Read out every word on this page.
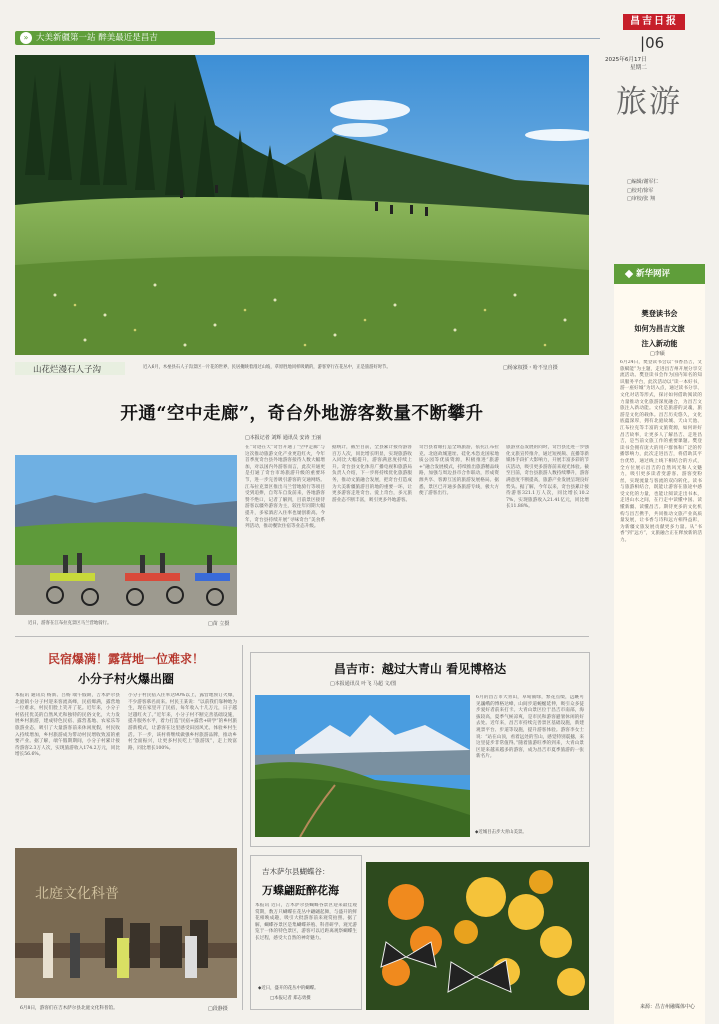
» 大美新疆第一站 醉美最近是昌吉
昌吉日报
|06
2025年6月17日
星期二
旅游
□编辑/谢军仁
□校对/徐军
□审校/张 翔
山花烂漫石人子沟	近入6月，木垒县石人子沟景区一片花的世界，民居掩映着漫过山坡，草原胜地同样吸睛的，游客穿行在花丛中，正是旅游好时节。	□杨家权摄・哈不皇自摄
开通“空中走廊”，奇台外地游客数量不断攀升
□本报记者 刘辉 通讯员 安涛 王丽
近日，游客在江布拉克景区马兰营地骑行。	□苗 立摄
在“奇迹在天”奇台开通了“空中走廊”与这次推动旅游文化产业更趋红火，今年首季度奇台县外地游客接待人数大幅增加，对以国内外游客而言，此次开通更是打通了奇台市场旅游升级的重要环节，进一步完善吸引游客的交通网络。江布拉克景区推出马兰营地骑行等项目受到追捧，自驾车自发前来，各地游客赞不绝口，记者了解到，目前景区接待游客以疆外游客为主，较往年同期大幅提升，多家酒店入住率也屡创新高。今年，奇台县持续开展“寻味奇台”美食系列活动，推动餐饮住宿等业态升级。
据统计，截至目前，全县累计接待游客百万人次，同比增长明显，实现旅游收入同比大幅提升，游客满意度持续上升。奇台县文化体育广播电视和旅游局负责人介绍，下一步将持续优化旅游服务，推动文旅融合发展，把奇台打造成为大美新疆旅游目的地的重要一环，让更多游客走进奇台、爱上奇台，多元旅游业态不断丰富，吸引更多外地游客。
奇台县着眼打造全域旅游，依托江布拉克、北庭故城遗址、硅化木恐龙国家地质公园等优质资源，积极推进“旅游+”融合发展模式，持续推出旅游精品线路，加强与周边县市合作联动，形成资源共享、客源互送的旅游发展格局。据悉，景区已开通多条旅游专线，极大方便了游客出行。
旅游业态发展的同时，奇台县还进一步强化文旅宣传推介，通过短视频、直播等新媒体手段扩大影响力，开展丰富多彩的节庆活动，吸引更多游客前来观光体验。截至目前，奇台县旅游人数持续攀升，游客满意度不断提高，旅游产业发展呈现良好势头。据了解，今年以来，奇台县累计接待游客321.1万人次，同比增长10.27%，实现旅游收入21.41亿元，同比增长11.88%。
民宿爆满！露营地一位难求！
小分子村火爆出圈
本报讯 通讯员 杨新、吕杨 端午假期，吉木萨尔县北庭镇小分子村迎来客流高峰，民宿爆满，露营地一位难求，村民们脸上笑开了花。近年来，小分子村依托优美的自然风光和独特的民俗文化，大力发展乡村旅游，建成特色民宿、露营基地、农家乐等旅游业态，吸引了大量游客前来休闲度假，村民收入持续增加，乡村旅游成为带动村民增收致富的重要产业。据了解，端午假期期间，小分子村累计接待游客2.3万人次，实现旅游收入174.2万元，同比增长56.6%。
小分子村民宿入住率达90%以上，露营地预订火爆，不少游客慕名而来。村民王某说：“以前我们靠种地为生，现在家里开了民宿，每年收入十几万元，日子越过越红火了。”近年来，小分子村不断完善基础设施，提升服务水平，着力打造“民宿+露营+研学”的乡村旅游新模式，让游客在这里感受田园风光、体验乡村生活。下一步，该村将继续做强乡村旅游品牌，推动乡村全面振兴，让更多村民吃上“旅游饭”，走上致富路，同比增长100%。
北庭文化科普
6月8日，游客们在吉木萨尔县北庭文化科普馆。	□段静摄
昌吉市：越过大青山 看见博格达
□本报通讯员 叶飞 马超 文/图
◆近城目击步大青山美景。
6月的昌吉市大青山，草甸铺绿，繁花点缀，远眺可见巍峨的博格达峰，山间步道蜿蜒延伸，吸引众多徒步爱好者前来打卡。大青山景区位于昌吉市南部，海拔较高，夏季气候凉爽，是市民和游客避暑休闲的好去处。近年来，昌吉市持续完善景区基础设施，新建观景平台、步道等设施，提升游客体验。游客李女士说：“站在山顶，看着远处的雪山，感觉特别震撼，来这里徒步非常值得。”随着旅游旺季的到来，大青山景区迎来越来越多的游客，成为昌吉市夏季旅游的一张新名片。
吉木萨尔县蝴蝶谷：
万蝶翩跹醉花海
本报讯 近日，吉木萨尔县蝴蝶谷景区迎来最佳观赏期，数万只蝴蝶在花丛中翩翩起舞，与盛开的鲜花相映成趣，吸引大批游客前来观赏拍照。据了解，蝴蝶谷景区是集蝴蝶养殖、科普研学、观光游览于一体的特色景区，游客可以近距离观察蝴蝶生长过程，感受大自然的神奇魅力。
◆近日，盛开的花丛中的蝴蝶。
□本报记者 郑志勇摄
新华网评
樊登读书会
如何为昌吉文旅
注入新动能
□李硕
6月24日，樊登读书会以“书香昌吉，文旅赋能”为主题，走进昌吉州开展分享交流活动。樊登读书会作为国内知名的知识服务平台，此次活动以“读一本好书，游一座好城”为切入点，通过读书分享、文化对话等形式，探讨如何借助阅读的力量推动文化旅游深度融合，为昌吉文旅注入新动能。文化是旅游的灵魂，旅游是文化的载体。昌吉历史悠久，文化底蕴深厚，拥有北庭故城、天山天池、江布拉克等丰富的文旅资源，如何讲好昌吉故事，让更多人了解昌吉、走进昌吉，是当前文旅工作的重要课题。樊登读书会拥有庞大的用户群体和广泛的传播影响力，此次走进昌吉，将借助其平台优势，通过线上线下相结合的方式，全方位展示昌吉的自然风光和人文魅力，吸引更多读者变游客、游客变粉丝，实现流量与客流的双向转化。读书与旅游相结合，既能让游客在旅途中感受文化的力量，也能让阅读走出书本，走进山水之间，在行走中读懂中国、读懂新疆、读懂昌吉。期待更多的文化机构与昌吉携手，共同推动文旅产业高质量发展，让书香与诗和远方相得益彰，为新疆文旅发展贡献更多力量。从“书香”到“远方”，文旅融合正在释放新的活力。
来源：昌吉州融媒体中心
